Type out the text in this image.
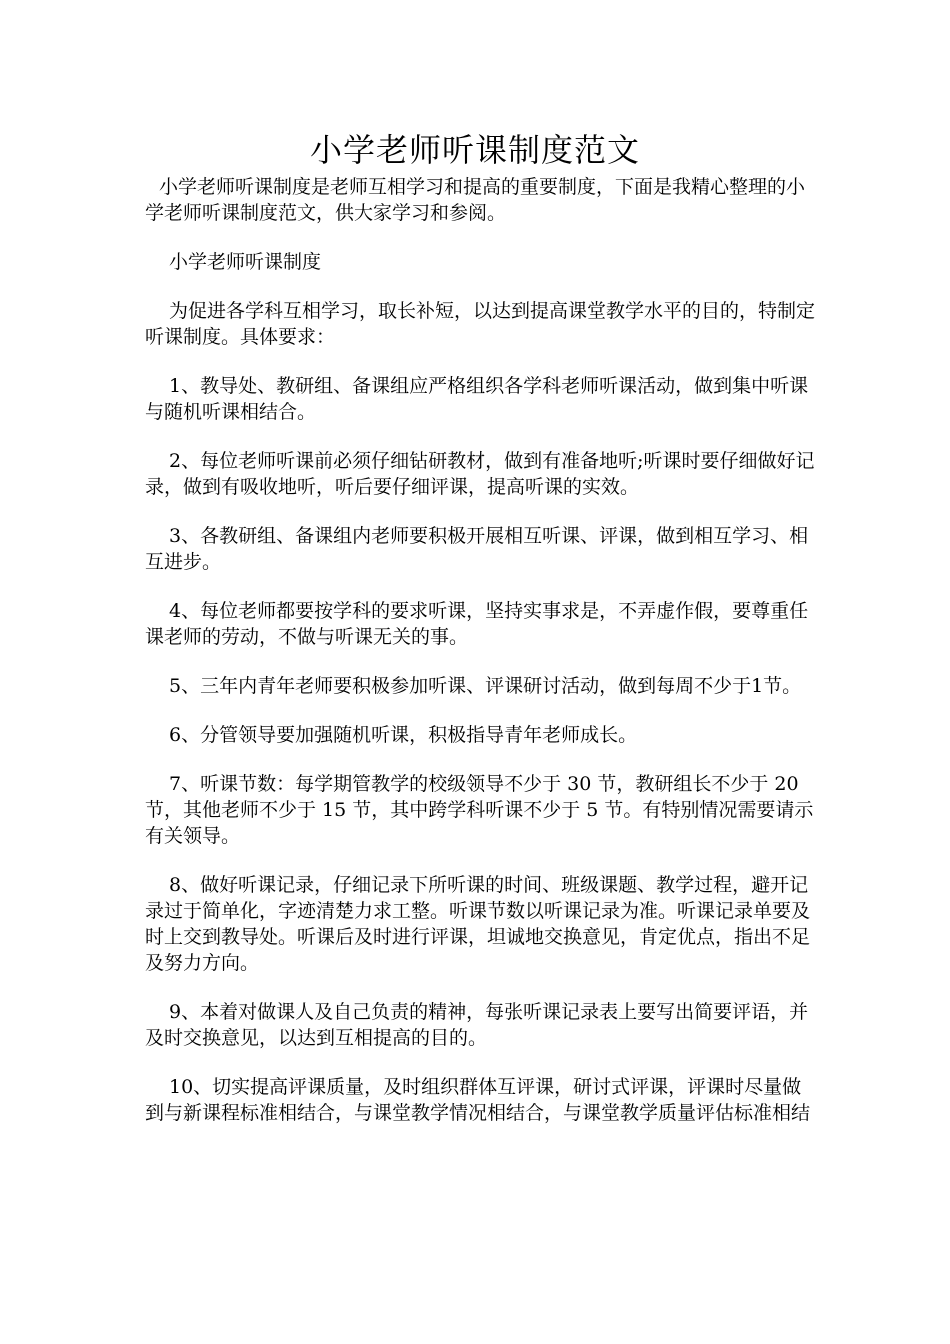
小学老师听课制度范文

小学老师听课制度是老师互相学习和提高的重要制度，下面是我精心整理的小学老师听课制度范文，供大家学习和参阅。

小学老师听课制度

为促进各学科互相学习，取长补短，以达到提高课堂教学水平的目的，特制定听课制度。具体要求：

1、教导处、教研组、备课组应严格组织各学科老师听课活动，做到集中听课与随机听课相结合。

2、每位老师听课前必须仔细钻研教材，做到有准备地听;听课时要仔细做好记录，做到有吸收地听，听后要仔细评课，提高听课的实效。

3、各教研组、备课组内老师要积极开展相互听课、评课，做到相互学习、相互进步。

4、每位老师都要按学科的要求听课，坚持实事求是，不弄虚作假，要尊重任课老师的劳动，不做与听课无关的事。

5、三年内青年老师要积极参加听课、评课研讨活动，做到每周不少于1节。

6、分管领导要加强随机听课，积极指导青年老师成长。

7、听课节数：每学期管教学的校级领导不少于 30 节，教研组长不少于 20 节，其他老师不少于 15 节，其中跨学科听课不少于 5 节。有特别情况需要请示有关领导。

8、做好听课记录，仔细记录下所听课的时间、班级课题、教学过程，避开记录过于简单化，字迹清楚力求工整。听课节数以听课记录为准。听课记录单要及时上交到教导处。听课后及时进行评课，坦诚地交换意见，肯定优点，指出不足及努力方向。

9、本着对做课人及自己负责的精神，每张听课记录表上要写出简要评语，并及时交换意见，以达到互相提高的目的。

10、切实提高评课质量，及时组织群体互评课，研讨式评课，评课时尽量做到与新课程标准相结合，与课堂教学情况相结合，与课堂教学质量评估标准相结
